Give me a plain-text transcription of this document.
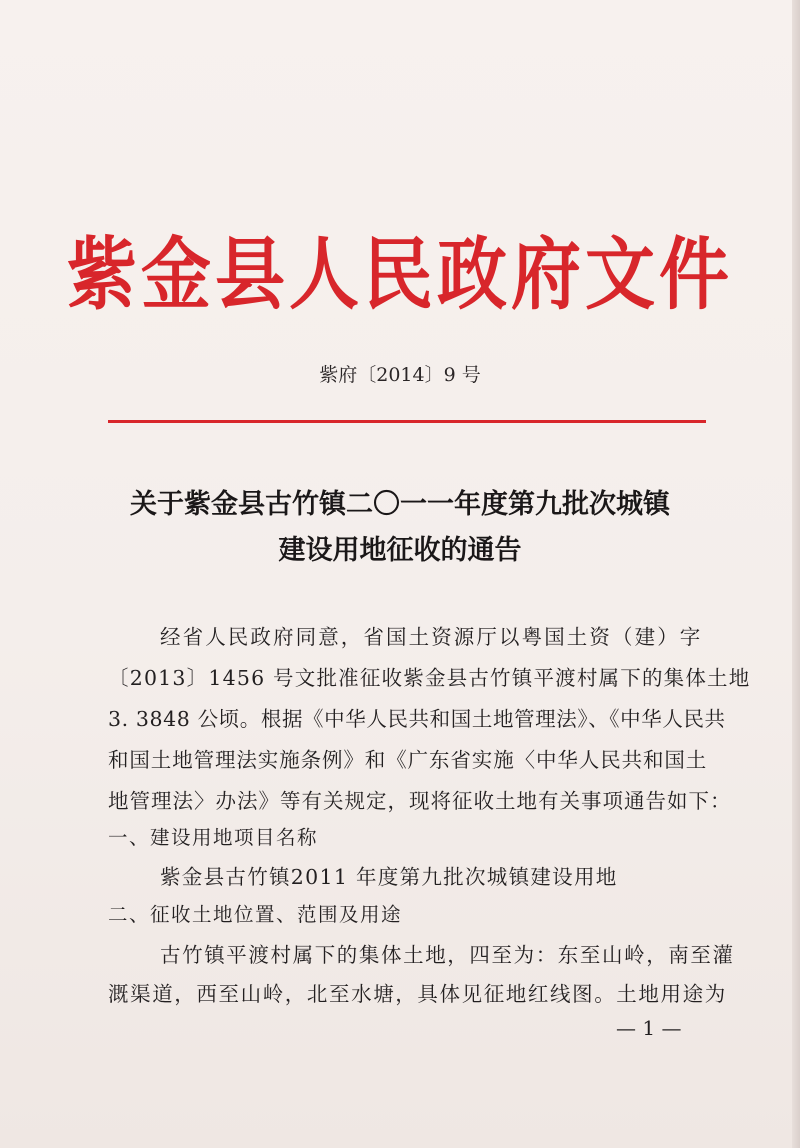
紫金县人民政府文件
紫府〔2014〕9 号
关于紫金县古竹镇二〇一一年度第九批次城镇
建设用地征收的通告
经省人民政府同意，省国土资源厅以粤国土资（建）字
〔2013〕1456 号文批准征收紫金县古竹镇平渡村属下的集体土地
3. 3848 公顷。根据《中华人民共和国土地管理法》、《中华人民共
和国土地管理法实施条例》和《广东省实施〈中华人民共和国土
地管理法〉办法》等有关规定，现将征收土地有关事项通告如下：
一、建设用地项目名称
紫金县古竹镇2011 年度第九批次城镇建设用地
二、征收土地位置、范围及用途
古竹镇平渡村属下的集体土地，四至为：东至山岭，南至灌
溉渠道，西至山岭，北至水塘，具体见征地红线图。土地用途为
— 1 —
